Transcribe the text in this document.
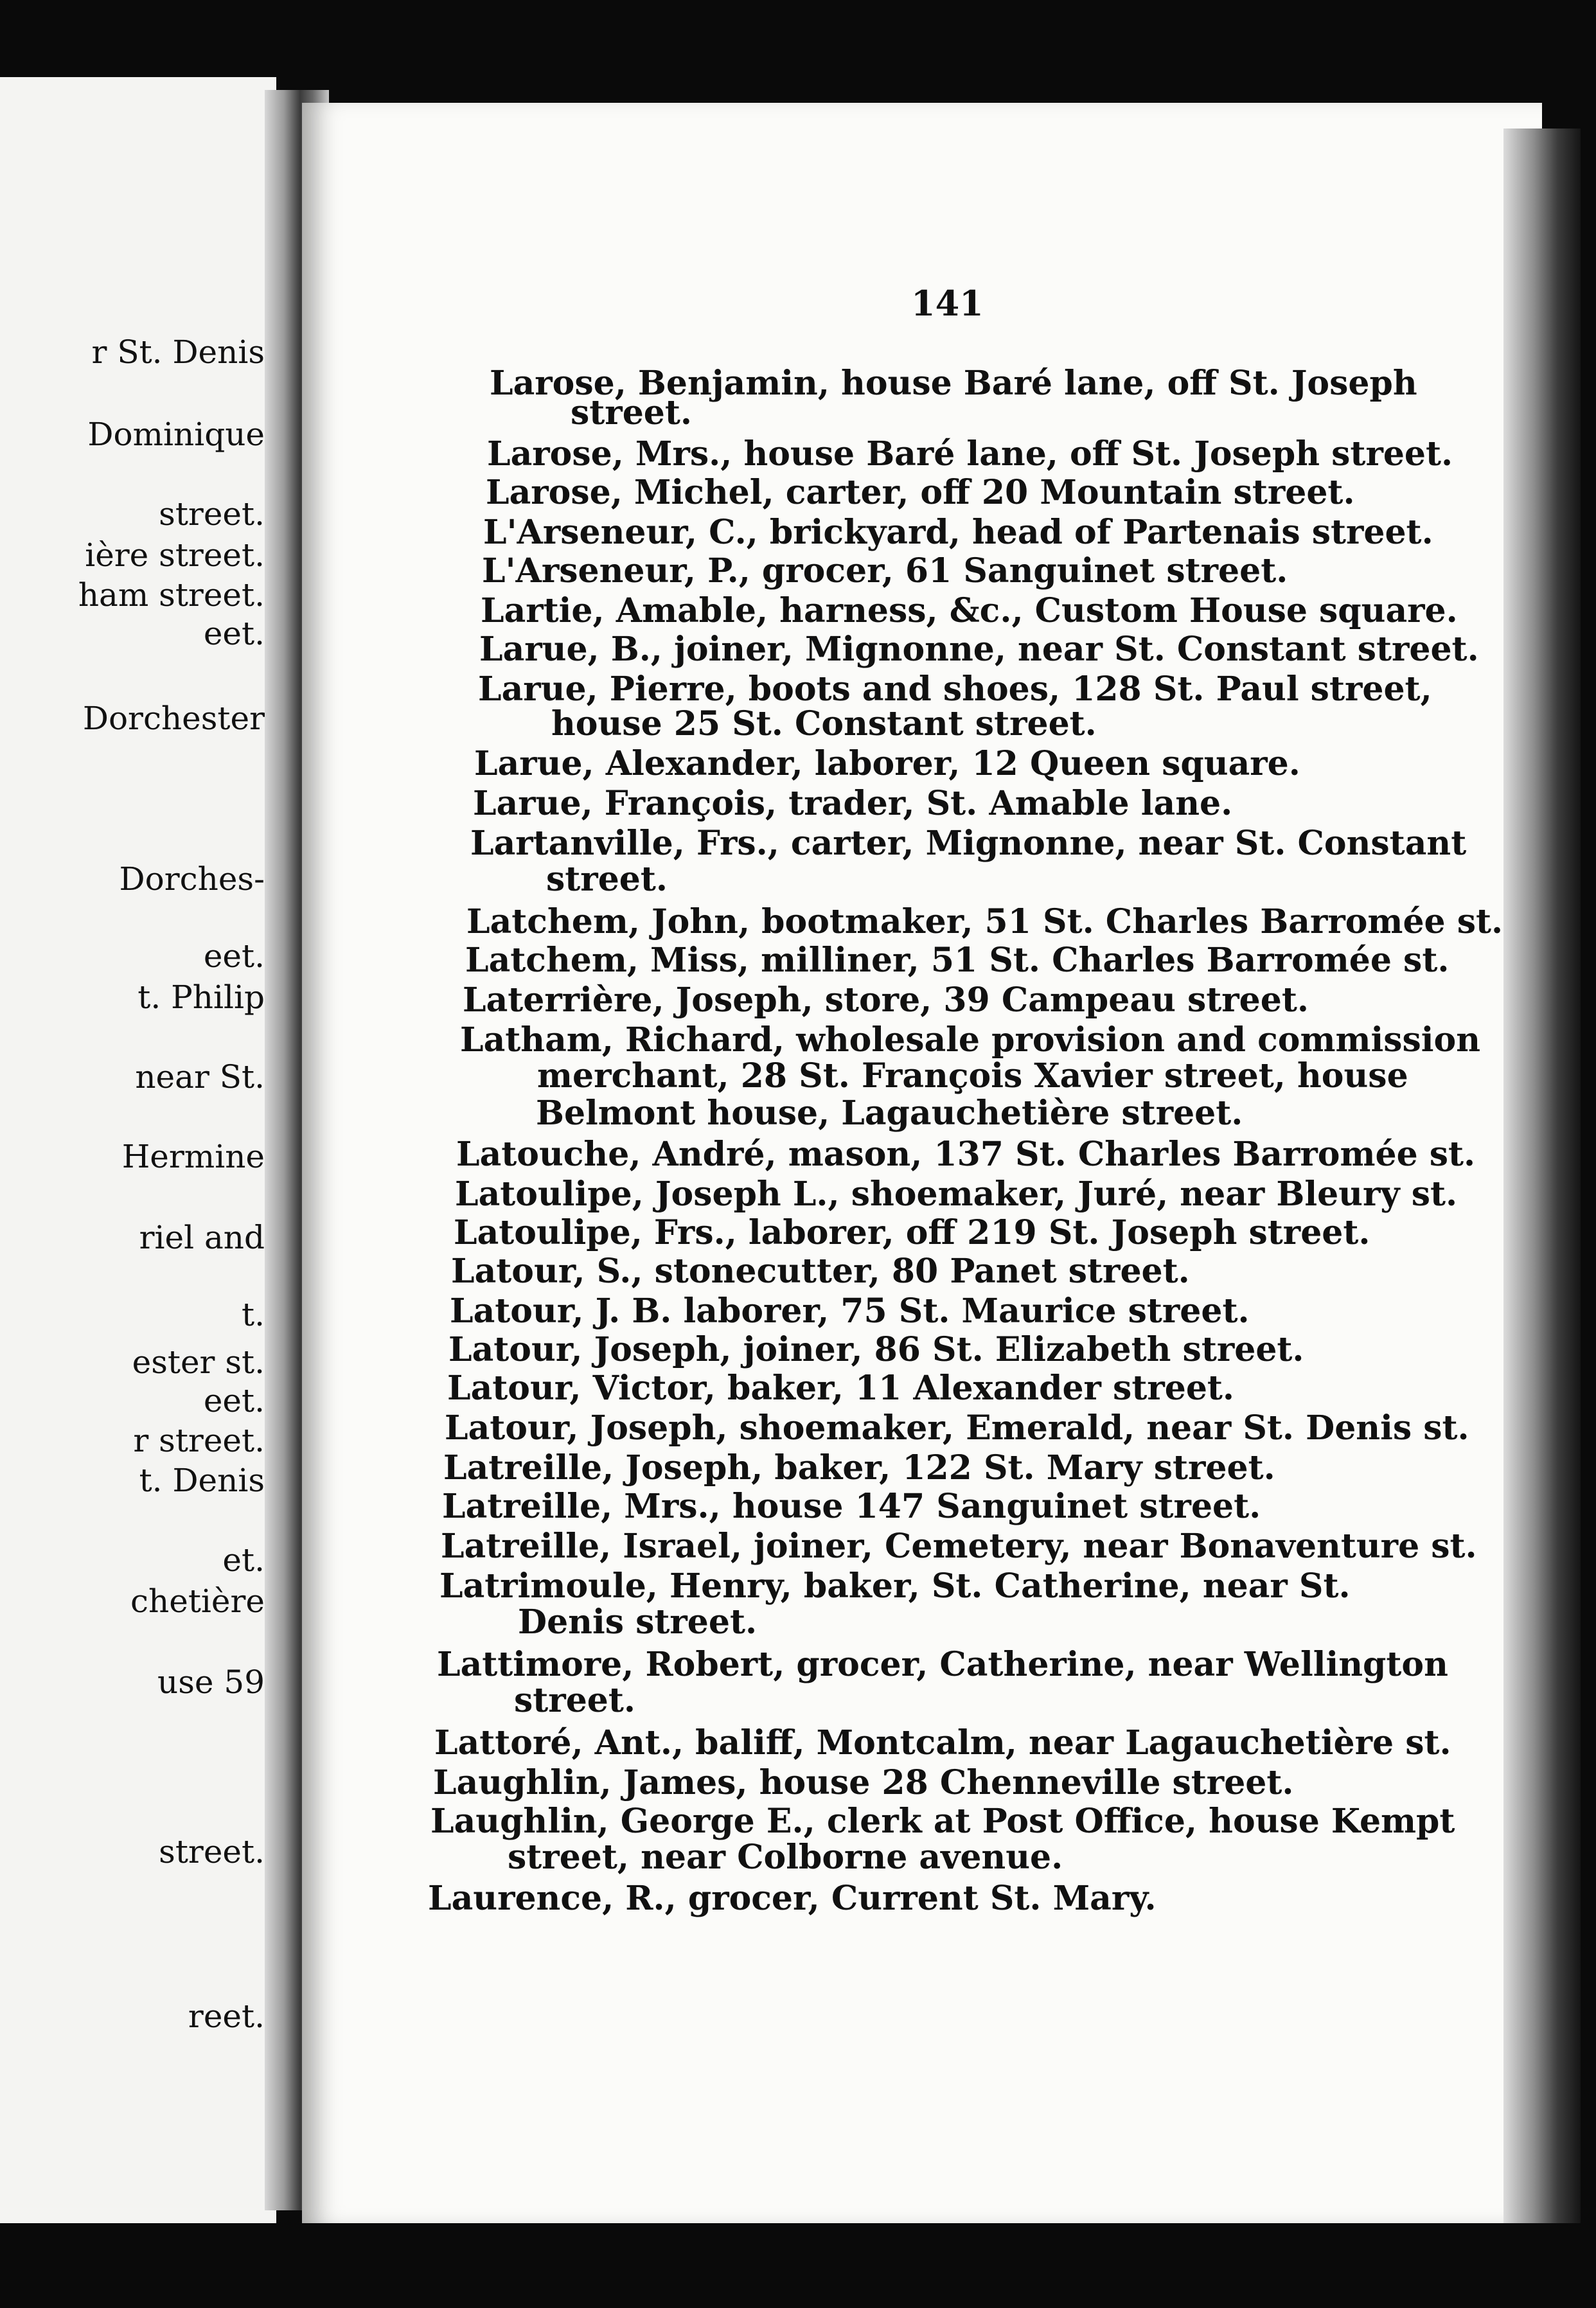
r St. Denis
Dominique
street.
ière street.
ham street.
eet.
Dorchester
Dorches-
eet.
t. Philip
near St.
Hermine
riel and
t.
ester st.
eet.
r street.
t. Denis
et.
chetière
use 59
street.
reet.
141
Larose, Benjamin, house Baré lane, off St. Joseph
street.
Larose, Mrs., house Baré lane, off St. Joseph street.
Larose, Michel, carter, off 20 Mountain street.
L'Arseneur, C., brickyard, head of Partenais street.
L'Arseneur, P., grocer, 61 Sanguinet street.
Lartie, Amable, harness, &c., Custom House square.
Larue, B., joiner, Mignonne, near St. Constant street.
Larue, Pierre, boots and shoes, 128 St. Paul street,
house 25 St. Constant street.
Larue, Alexander, laborer, 12 Queen square.
Larue, François, trader, St. Amable lane.
Lartanville, Frs., carter, Mignonne, near St. Constant
street.
Latchem, John, bootmaker, 51 St. Charles Barromée st.
Latchem, Miss, milliner, 51 St. Charles Barromée st.
Laterrière, Joseph, store, 39 Campeau street.
Latham, Richard, wholesale provision and commission
merchant, 28 St. François Xavier street, house
Belmont house, Lagauchetière street.
Latouche, André, mason, 137 St. Charles Barromée st.
Latoulipe, Joseph L., shoemaker, Juré, near Bleury st.
Latoulipe, Frs., laborer, off 219 St. Joseph street.
Latour, S., stonecutter, 80 Panet street.
Latour, J. B. laborer, 75 St. Maurice street.
Latour, Joseph, joiner, 86 St. Elizabeth street.
Latour, Victor, baker, 11 Alexander street.
Latour, Joseph, shoemaker, Emerald, near St. Denis st.
Latreille, Joseph, baker, 122 St. Mary street.
Latreille, Mrs., house 147 Sanguinet street.
Latreille, Israel, joiner, Cemetery, near Bonaventure st.
Latrimoule, Henry, baker, St. Catherine, near St.
Denis street.
Lattimore, Robert, grocer, Catherine, near Wellington
street.
Lattoré, Ant., baliff, Montcalm, near Lagauchetière st.
Laughlin, James, house 28 Chenneville street.
Laughlin, George E., clerk at Post Office, house Kempt
street, near Colborne avenue.
Laurence, R., grocer, Current St. Mary.
